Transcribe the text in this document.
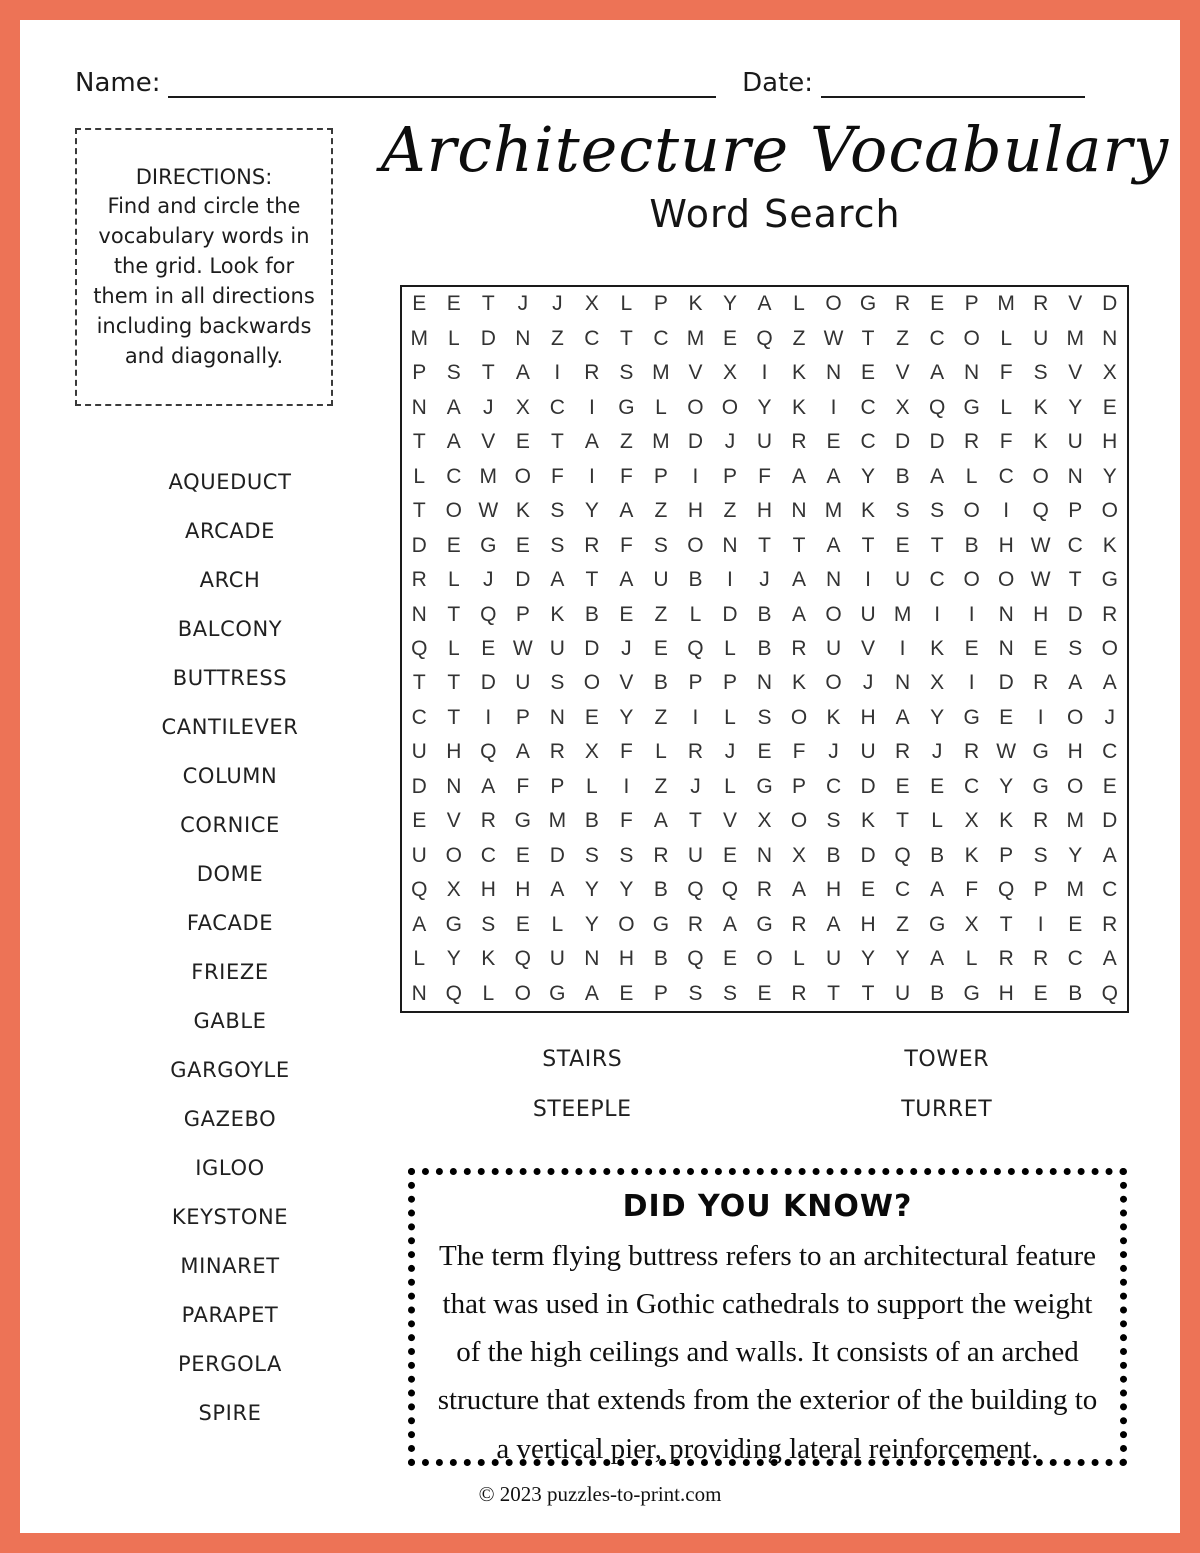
Name:	Date:
DIRECTIONS:
Find and circle the vocabulary words in the grid. Look for them in all directions including backwards and diagonally.
Architecture Vocabulary
Word Search
E E	T	J	J	X	L	P K Y A	L O G R E P M R V D
M L	D N Z C T C M E Q Z W T	Z C O L	U M N
P S	T	A	I	R S M V X	I	K N E V A N F	S V X
N A	J	X C	I	G L O O Y K	I	C X Q G L	K Y E
T	A V E	T	A	Z M D	J	U R E C D D R F	K U H
L	C M O F	I	F	P	I	P	F	A A Y B A	L	C O N Y
T O W K S Y A	Z H Z H N M K S S O	I	Q P O
D E G E S R F	S O N T	T	A	T	E	T	B H W C K
R	L	J	D A	T	A U B	I	J	A N	I	U C O O W T G
N T Q P K B E	Z	L	D B A O U M	I	I	N H D R
Q L	E W U D	J	E Q L	B R U V	I	K E N E S O
T	T D U S O V B P P N K O	J	N X	I	D R A A
C T	I	P N E Y	Z	I	L	S O K H A Y G E	I	O	J
U H Q A R X	F	L	R	J	E	F	J	U R	J	R W G H C
D N A	F	P	L	I	Z	J	L G P C D E E C Y G O E
E V R G M B	F	A	T	V X O S K	T	L	X K R M D
U O C E D S S R U E N X B D Q B K P S Y A
Q X H H A Y Y B Q Q R A H E C A	F Q P M C
A G S E	L	Y O G R A G R A H Z G X	T	I	E R
L	Y K Q U N H B Q E O L	U Y Y A	L	R R C A
N Q L O G A E P S S E R T	T U B G H E B Q
AQUEDUCT
ARCADE
ARCH
BALCONY
BUTTRESS
CANTILEVER
COLUMN
CORNICE
DOME
FACADE
FRIEZE
GABLE
GARGOYLE
GAZEBO
IGLOO
KEYSTONE
MINARET
PARAPET
PERGOLA
SPIRE
STAIRS
STEEPLE
TOWER
TURRET
DID YOU KNOW?
The term flying buttress refers to an architectural feature that was used in Gothic cathedrals to support the weight of the high ceilings and walls. It consists of an arched structure that extends from the exterior of the building to a vertical pier, providing lateral reinforcement.
© 2023 puzzles-to-print.com
